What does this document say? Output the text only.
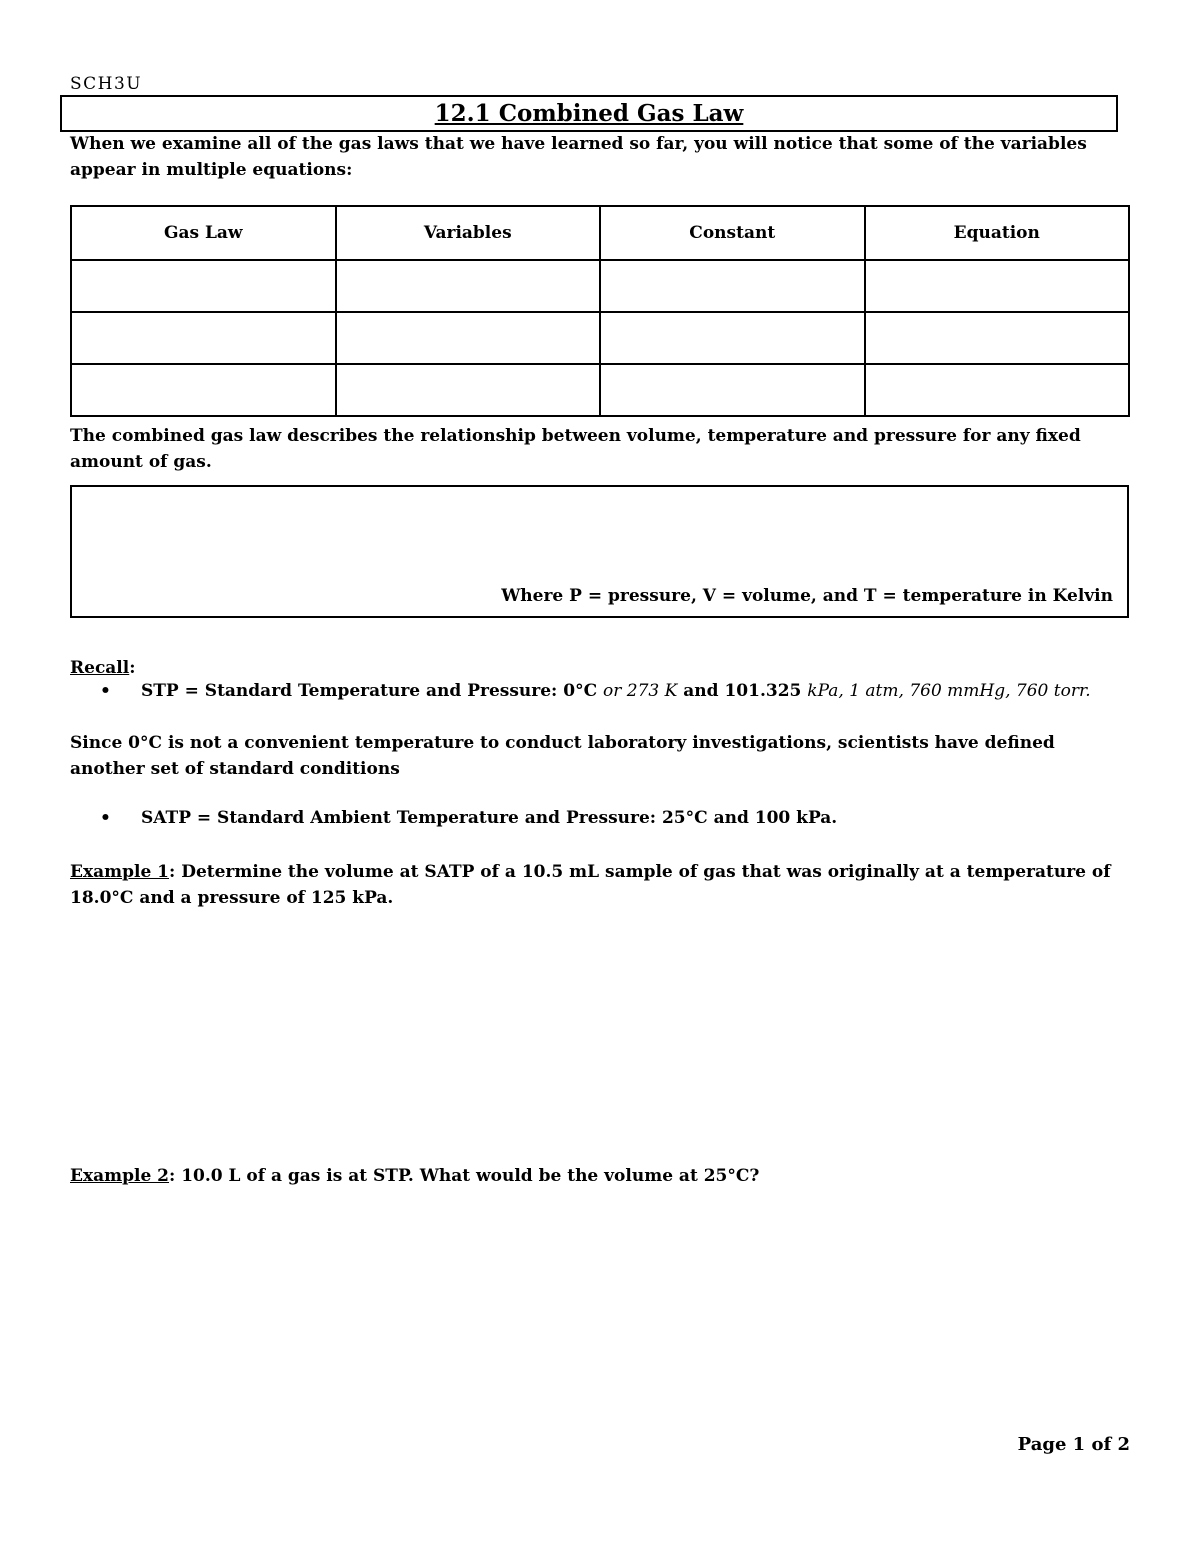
SCH3U
12.1 Combined Gas Law
When we examine all of the gas laws that we have learned so far, you will notice that some of the variables appear in multiple equations:
Gas Law	Variables	Constant	Equation

The combined gas law describes the relationship between volume, temperature and pressure for any fixed amount of gas.
Where P = pressure, V = volume, and T = temperature in Kelvin
Recall:
• STP = Standard Temperature and Pressure: 0°C or 273 K and 101.325 kPa, 1 atm, 760 mmHg, 760 torr.
Since 0°C is not a convenient temperature to conduct laboratory investigations, scientists have defined another set of standard conditions
• SATP = Standard Ambient Temperature and Pressure: 25°C and 100 kPa.
Example 1: Determine the volume at SATP of a 10.5 mL sample of gas that was originally at a temperature of 18.0°C and a pressure of 125 kPa.
Example 2: 10.0 L of a gas is at STP. What would be the volume at 25°C?
Page 1 of 2
